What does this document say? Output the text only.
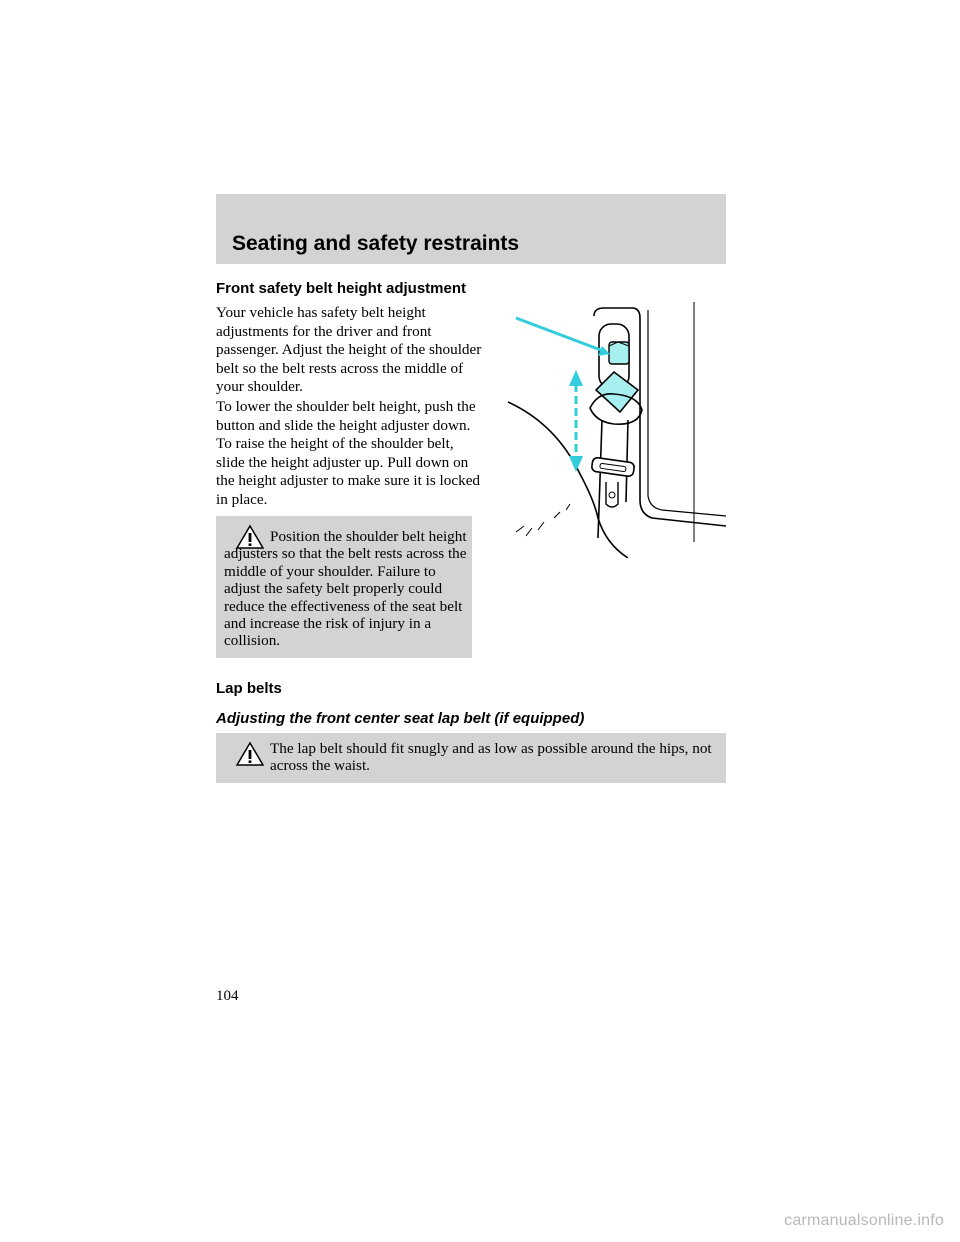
Seating and safety restraints
Front safety belt height adjustment
Your vehicle has safety belt height adjustments for the driver and front passenger. Adjust the height of the shoulder belt so the belt rests across the middle of your shoulder.
To lower the shoulder belt height, push the button and slide the height adjuster down. To raise the height of the shoulder belt, slide the height adjuster up. Pull down on the height adjuster to make sure it is locked in place.
Position the shoulder belt height adjusters so that the belt rests across the middle of your shoulder. Failure to adjust the safety belt properly could reduce the effectiveness of the seat belt and increase the risk of injury in a collision.
Lap belts
Adjusting the front center seat lap belt (if equipped)
The lap belt should fit snugly and as low as possible around the hips, not across the waist.
104
carmanualsonline.info
